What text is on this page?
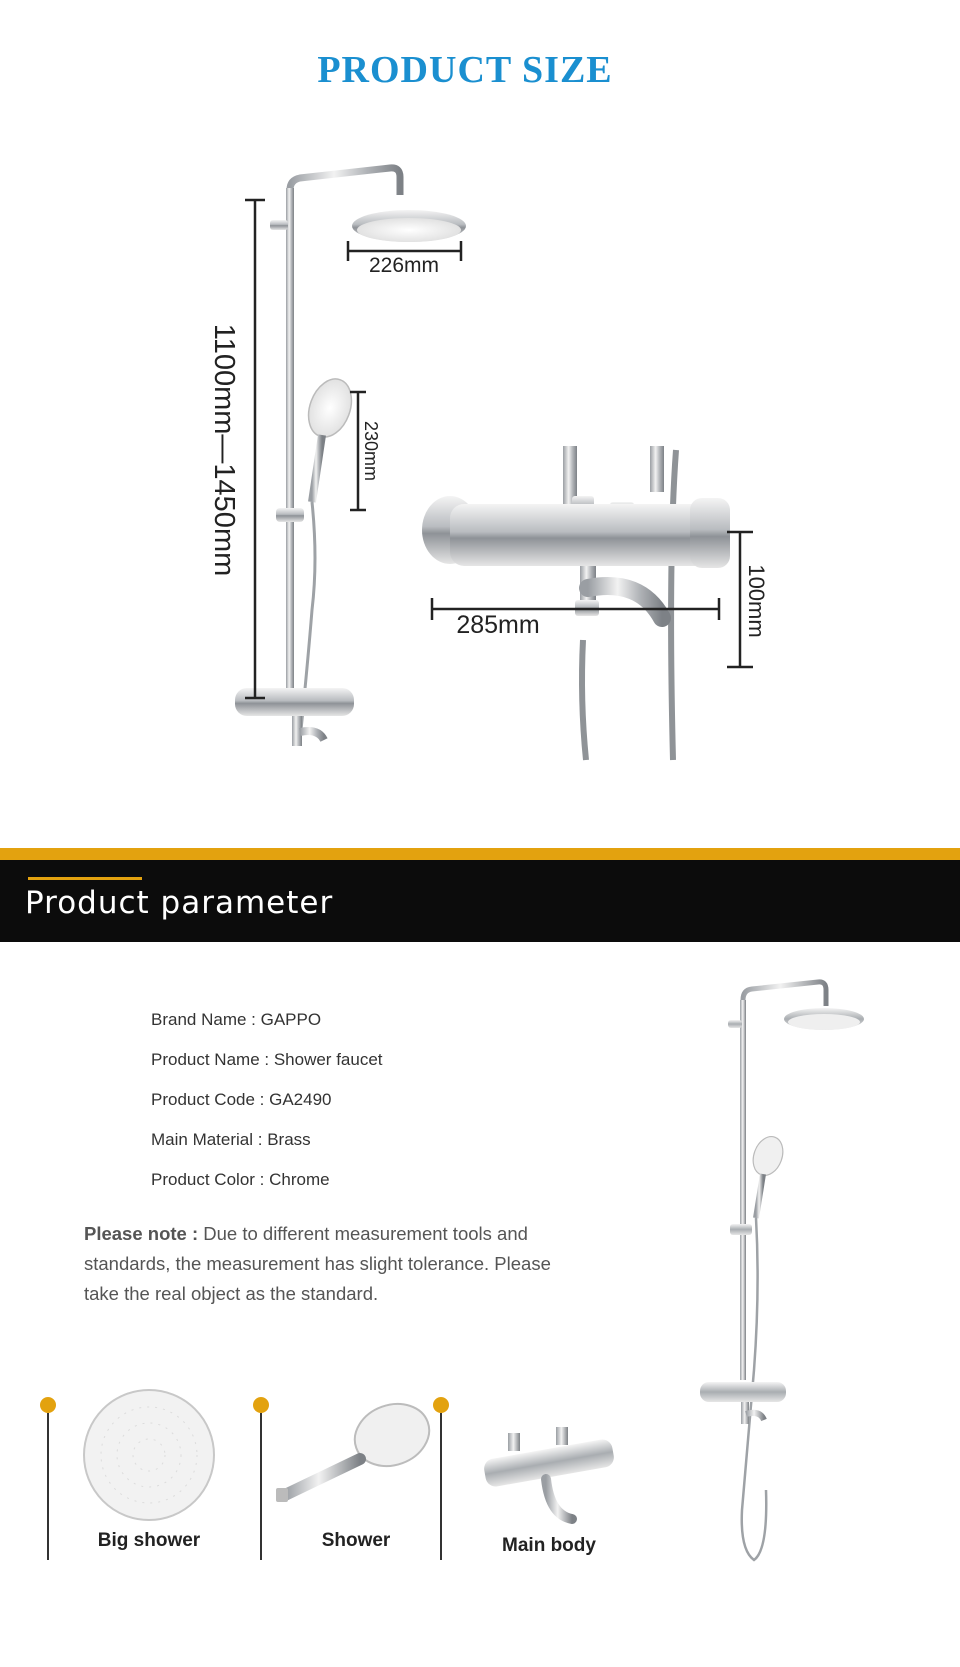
PRODUCT SIZE
1100mm—1450mm
226mm
230mm
285mm	100mm
Product parameter
Brand Name : GAPPO
Product Name : Shower faucet
Product Code : GA2490
Main Material : Brass
Product Color : Chrome
Please note : Due to different measurement tools and standards, the measurement has slight tolerance. Please take the real object as the standard.
Big shower	Shower	Main body
